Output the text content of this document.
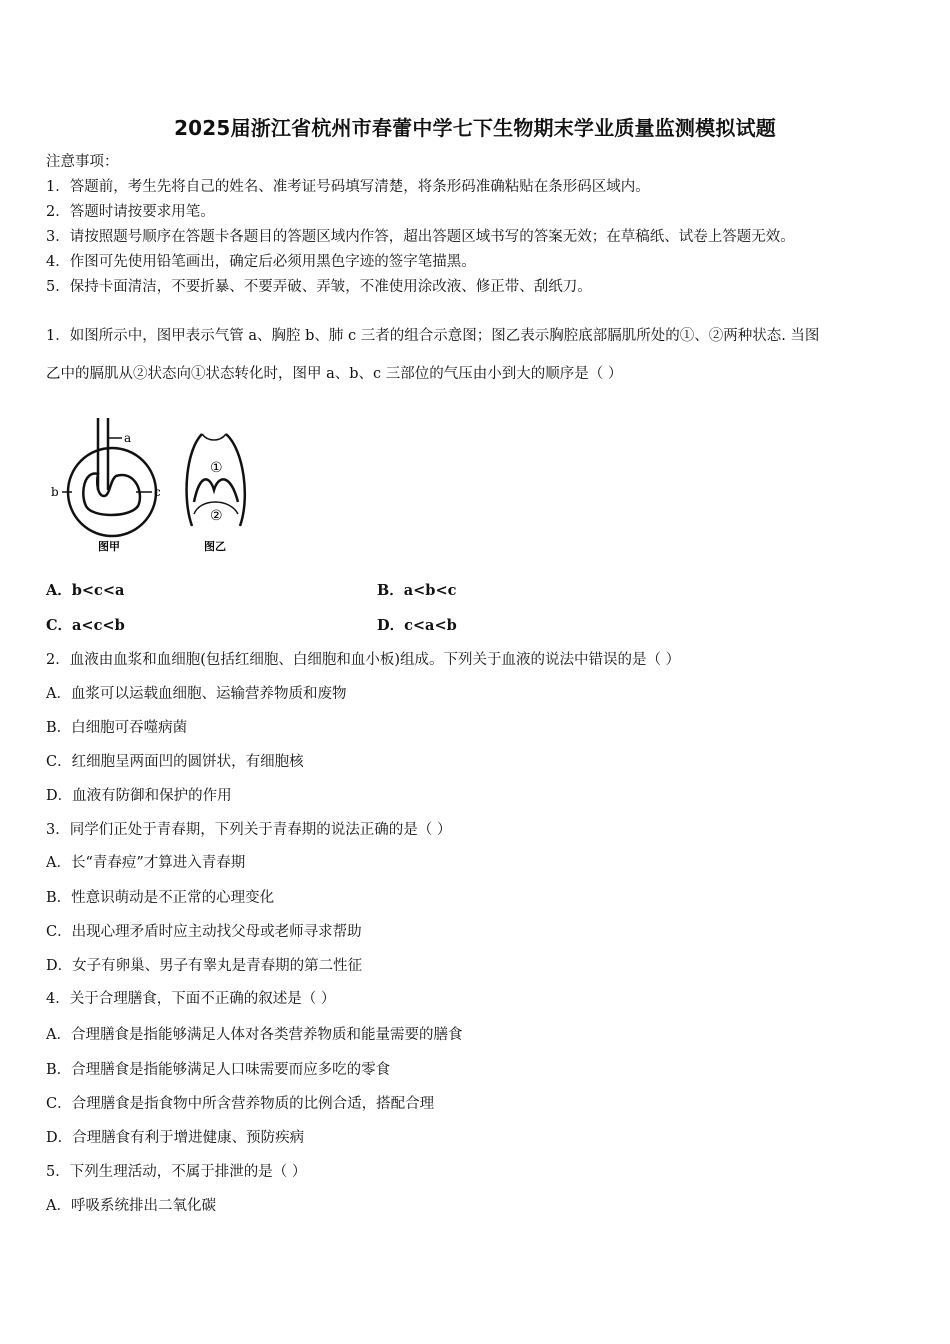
2025届浙江省杭州市春蕾中学七下生物期末学业质量监测模拟试题
注意事项：
1．答题前，考生先将自己的姓名、准考证号码填写清楚，将条形码准确粘贴在条形码区域内。
2．答题时请按要求用笔。
3．请按照题号顺序在答题卡各题目的答题区域内作答，超出答题区域书写的答案无效；在草稿纸、试卷上答题无效。
4．作图可先使用铅笔画出，确定后必须用黑色字迹的签字笔描黑。
5．保持卡面清洁，不要折暴、不要弄破、弄皱，不准使用涂改液、修正带、刮纸刀。
1．如图所示中，图甲表示气管 a、胸腔 b、肺 c 三者的组合示意图；图乙表示胸腔底部膈肌所处的①、②两种状态. 当图
乙中的膈肌从②状态向①状态转化时，图甲 a、b、c 三部位的气压由小到大的顺序是（ ）
a
b	c
图甲
①
②
图乙
A．b<c<a	B．a<b<c
C．a<c<b	D．c<a<b
2．血液由血浆和血细胞(包括红细胞、白细胞和血小板)组成。下列关于血液的说法中错误的是（ ）
A．血浆可以运载血细胞、运输营养物质和废物
B．白细胞可吞噬病菌
C．红细胞呈两面凹的圆饼状，有细胞核
D．血液有防御和保护的作用
3．同学们正处于青春期，下列关于青春期的说法正确的是（ ）
A．长“青春痘”才算进入青春期
B．性意识萌动是不正常的心理变化
C．出现心理矛盾时应主动找父母或老师寻求帮助
D．女子有卵巢、男子有睾丸是青春期的第二性征
4．关于合理膳食，下面不正确的叙述是（ ）
A．合理膳食是指能够满足人体对各类营养物质和能量需要的膳食
B．合理膳食是指能够满足人口味需要而应多吃的零食
C．合理膳食是指食物中所含营养物质的比例合适，搭配合理
D．合理膳食有利于增进健康、预防疾病
5．下列生理活动，不属于排泄的是（ ）
A．呼吸系统排出二氧化碳
